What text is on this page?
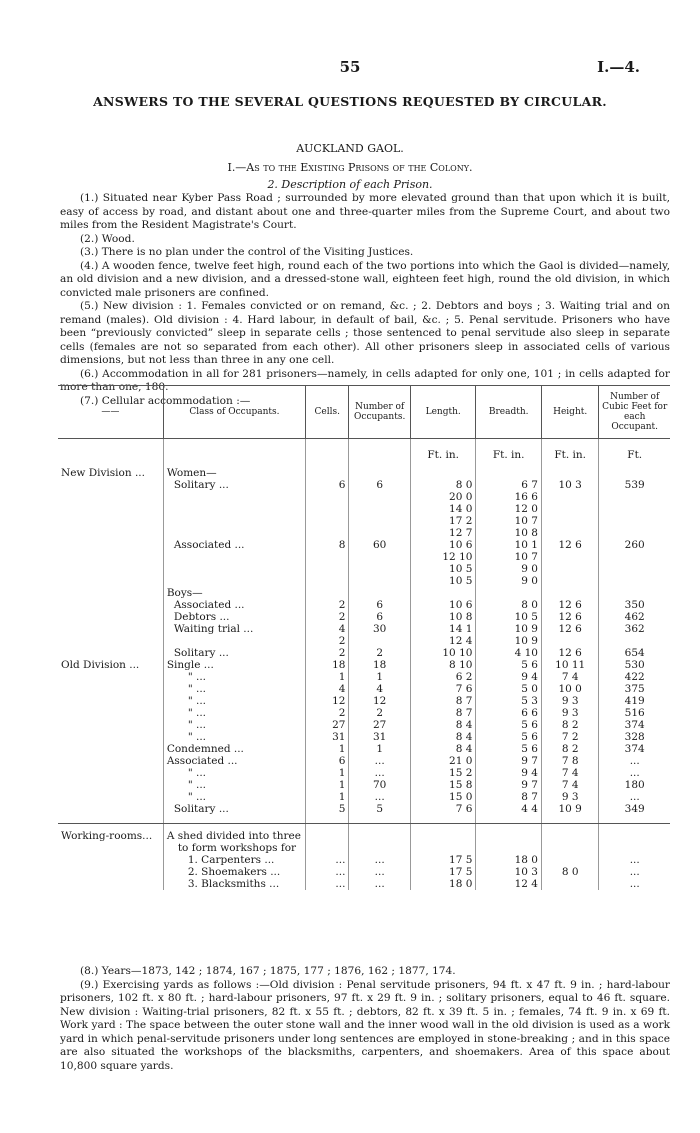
55	I.—4.
ANSWERS TO THE SEVERAL QUESTIONS REQUESTED BY CIRCULAR.
AUCKLAND GAOL.
I.—As to the Existing Prisons of the Colony.
2. Description of each Prison.

(1.) Situated near Kyber Pass Road ; surrounded by more elevated ground than that upon which it is built, easy of access by road, and distant about one and three-quarter miles from the Supreme Court, and about two miles from the Resident Magistrate's Court.

(2.) Wood.

(3.) There is no plan under the control of the Visiting Justices.

(4.) A wooden fence, twelve feet high, round each of the two portions into which the Gaol is divided—namely, an old division and a new division, and a dressed-stone wall, eighteen feet high, round the old division, in which convicted male prisoners are confined.

(5.) New division : 1. Females convicted or on remand, &c. ; 2. Debtors and boys ; 3. Waiting trial and on remand (males). Old division : 4. Hard labour, in default of bail, &c. ; 5. Penal servitude. Prisoners who have been “previously convicted” sleep in separate cells ; those sentenced to penal servitude also sleep in separate cells (females are not so separated from each other). All other prisoners sleep in associated cells of various dimensions, but not less than three in any one cell.

(6.) Accommodation in all for 281 prisoners—namely, in cells adapted for only one, 101 ; in cells adapted for more than one, 180.

(7.) Cellular accommodation :—

——	Class of Occupants.	Cells.	Number of Occupants.	Length.	Breadth.	Height.	Number of Cubic Feet for each Occupant.
				Ft. in.	Ft. in.	Ft. in.	Ft.
New Division ...	Women—						
	Solitary ...	6	6	8 0	6 7	10 3	539
				20 0	16 6		
				14 0	12 0		
				17 2	10 7		
				12 7	10 8		
	Associated ...	8	60	10 6	10 1	12 6	260
				12 10	10 7		
				10 5	9 0		
				10 5	9 0		
	Boys—						
	Associated ...	2	6	10 6	8 0	12 6	350
	Debtors ...	2	6	10 8	10 5	12 6	462
	Waiting trial ...	4	30	14 1	10 9	12 6	362
		2		12 4	10 9		
	Solitary ...	2	2	10 10	4 10	12 6	654
Old Division ...	Single ...	18	18	8 10	5 6	10 11	530
	" ...	1	1	6 2	9 4	7 4	422
	" ...	4	4	7 6	5 0	10 0	375
	" ...	12	12	8 7	5 3	9 3	419
	" ...	2	2	8 7	6 6	9 3	516
	" ...	27	27	8 4	5 6	8 2	374
	" ...	31	31	8 4	5 6	7 2	328
	Condemned ...	1	1	8 4	5 6	8 2	374
	Associated ...	6	...	21 0	9 7	7 8	...
	" ...	1	...	15 2	9 4	7 4	...
	" ...	1	70	15 8	9 7	7 4	180
	" ...	1	...	15 0	8 7	9 3	...
	Solitary ...	5	5	7 6	4 4	10 9	349
Working-rooms...	A shed divided into three						
	to form workshops for						
	1. Carpenters ...	...	...	17 5	18 0		...
	2. Shoemakers ...	...	...	17 5	10 3	8 0	...
	3. Blacksmiths ...	...	...	18 0	12 4		...

(8.) Years—1873, 142 ; 1874, 167 ; 1875, 177 ; 1876, 162 ; 1877, 174.

(9.) Exercising yards as follows :—Old division : Penal servitude prisoners, 94 ft. x 47 ft. 9 in. ; hard-labour prisoners, 102 ft. x 80 ft. ; hard-labour prisoners, 97 ft. x 29 ft. 9 in. ; solitary prisoners, equal to 46 ft. square. New division : Waiting-trial prisoners, 82 ft. x 55 ft. ; debtors, 82 ft. x 39 ft. 5 in. ; females, 74 ft. 9 in. x 69 ft. Work yard : The space between the outer stone wall and the inner wood wall in the old division is used as a work yard in which penal-servitude prisoners under long sentences are employed in stone-breaking ; and in this space are also situated the workshops of the blacksmiths, carpenters, and shoemakers. Area of this space about 10,800 square yards.
